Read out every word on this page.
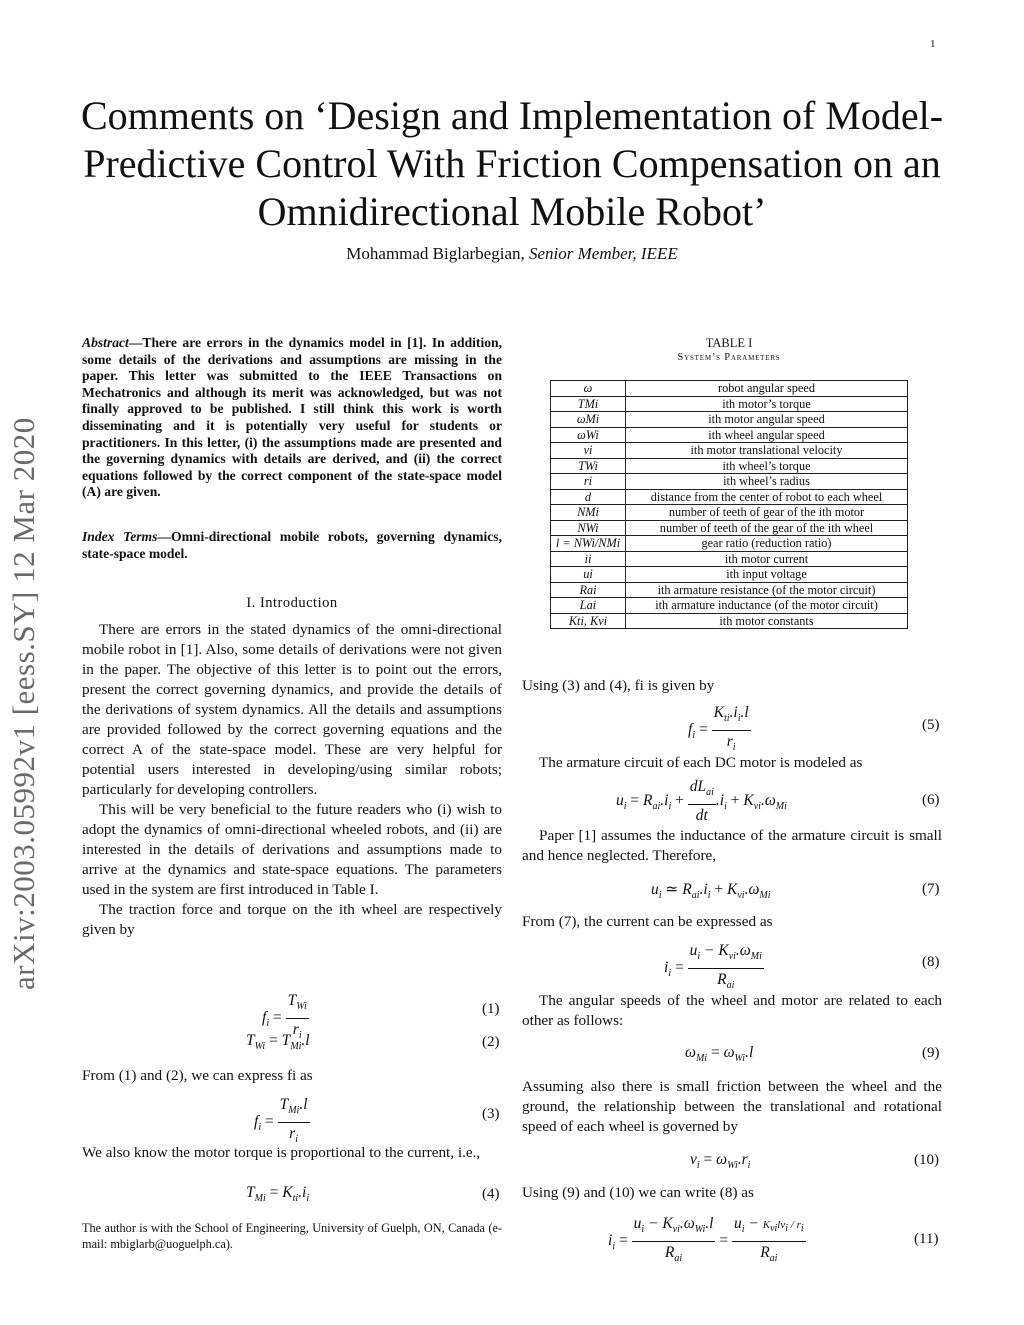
1
Comments on ‘Design and Implementation of Model-Predictive Control With Friction Compensation on an Omnidirectional Mobile Robot’
Mohammad Biglarbegian, Senior Member, IEEE
arXiv:2003.05992v1 [eess.SY] 12 Mar 2020
Abstract—There are errors in the dynamics model in [1]. In addition, some details of the derivations and assumptions are missing in the paper. This letter was submitted to the IEEE Transactions on Mechatronics and although its merit was acknowledged, but was not finally approved to be published. I still think this work is worth disseminating and it is potentially very useful for students or practitioners. In this letter, (i) the assumptions made are presented and the governing dynamics with details are derived, and (ii) the correct equations followed by the correct component of the state-space model (A) are given.
Index Terms—Omni-directional mobile robots, governing dynamics, state-space model.
I. Introduction

There are errors in the stated dynamics of the omni-directional mobile robot in [1]. Also, some details of derivations were not given in the paper. The objective of this letter is to point out the errors, present the correct governing dynamics, and provide the details of the derivations of system dynamics. All the details and assumptions are provided followed by the correct governing equations and the correct A of the state-space model. These are very helpful for potential users interested in developing/using similar robots; particularly for developing controllers.

This will be very beneficial to the future readers who (i) wish to adopt the dynamics of omni-directional wheeled robots, and (ii) are interested in the details of derivations and assumptions made to arrive at the dynamics and state-space equations. The parameters used in the system are first introduced in Table I.

The traction force and torque on the ith wheel are respectively given by

$f_i = \frac{T_{Wi}}{r_i}$	(1)
$T_{Wi} = T_{Mi}.l$	(2)
From (1) and (2), we can express fi as
$f_i = \frac{T_{Mi}.l}{r_i}$	(3)
We also know the motor torque is proportional to the current, i.e.,
$T_{Mi} = K_{ti}.i_i$	(4)
The author is with the School of Engineering, University of Guelph, ON, Canada (e-mail: mbiglarb@uoguelph.ca).
TABLE I
System’s Parameters
ω	robot angular speed
TMi	ith motor’s torque
ωMi	ith motor angular speed
ωWi	ith wheel angular speed
vi	ith motor translational velocity
TWi	ith wheel’s torque
ri	ith wheel’s radius
d	distance from the center of robot to each wheel
NMi	number of teeth of gear of the ith motor
NWi	number of teeth of the gear of the ith wheel
l = NWi/NMi	gear ratio (reduction ratio)
ii	ith motor current
ui	ith input voltage
Rai	ith armature resistance (of the motor circuit)
Lai	ith armature inductance (of the motor circuit)
Kti, Kvi	ith motor constants
Using (3) and (4), fi is given by
$f_i = \frac{K_{ti}.i_i.l}{r_i}$	(5)
The armature circuit of each DC motor is modeled as
$u_i = R_{ai}.i_i + \frac{dL_{ai}}{dt} .i_i + K_{vi}.\omega_{Mi}$	(6)
Paper [1] assumes the inductance of the armature circuit is small and hence neglected. Therefore,
$u_i$ ≃ $R_{ai}.i_i + K_{vi}.\omega_{Mi}$	(7)
From (7), the current can be expressed as
$i_i = \frac{u_i - K_{vi}.\omega_{Mi}}{R_{ai}}$	(8)
The angular speeds of the wheel and motor are related to each other as follows:
$\omega_{Mi} = \omega_{Wi}.l$	(9)
Assuming also there is small friction between the wheel and the ground, the relationship between the translational and rotational speed of each wheel is governed by
$v_i = \omega_{Wi}.r_i$	(10)
Using (9) and (10) we can write (8) as
$i_i = \frac{u_i - K_{vi}.\omega_{Wi}.l}{R_{ai}} = \frac{u_i - K_{vi}lv_i / r_i}{R_{ai}}$	(11)
